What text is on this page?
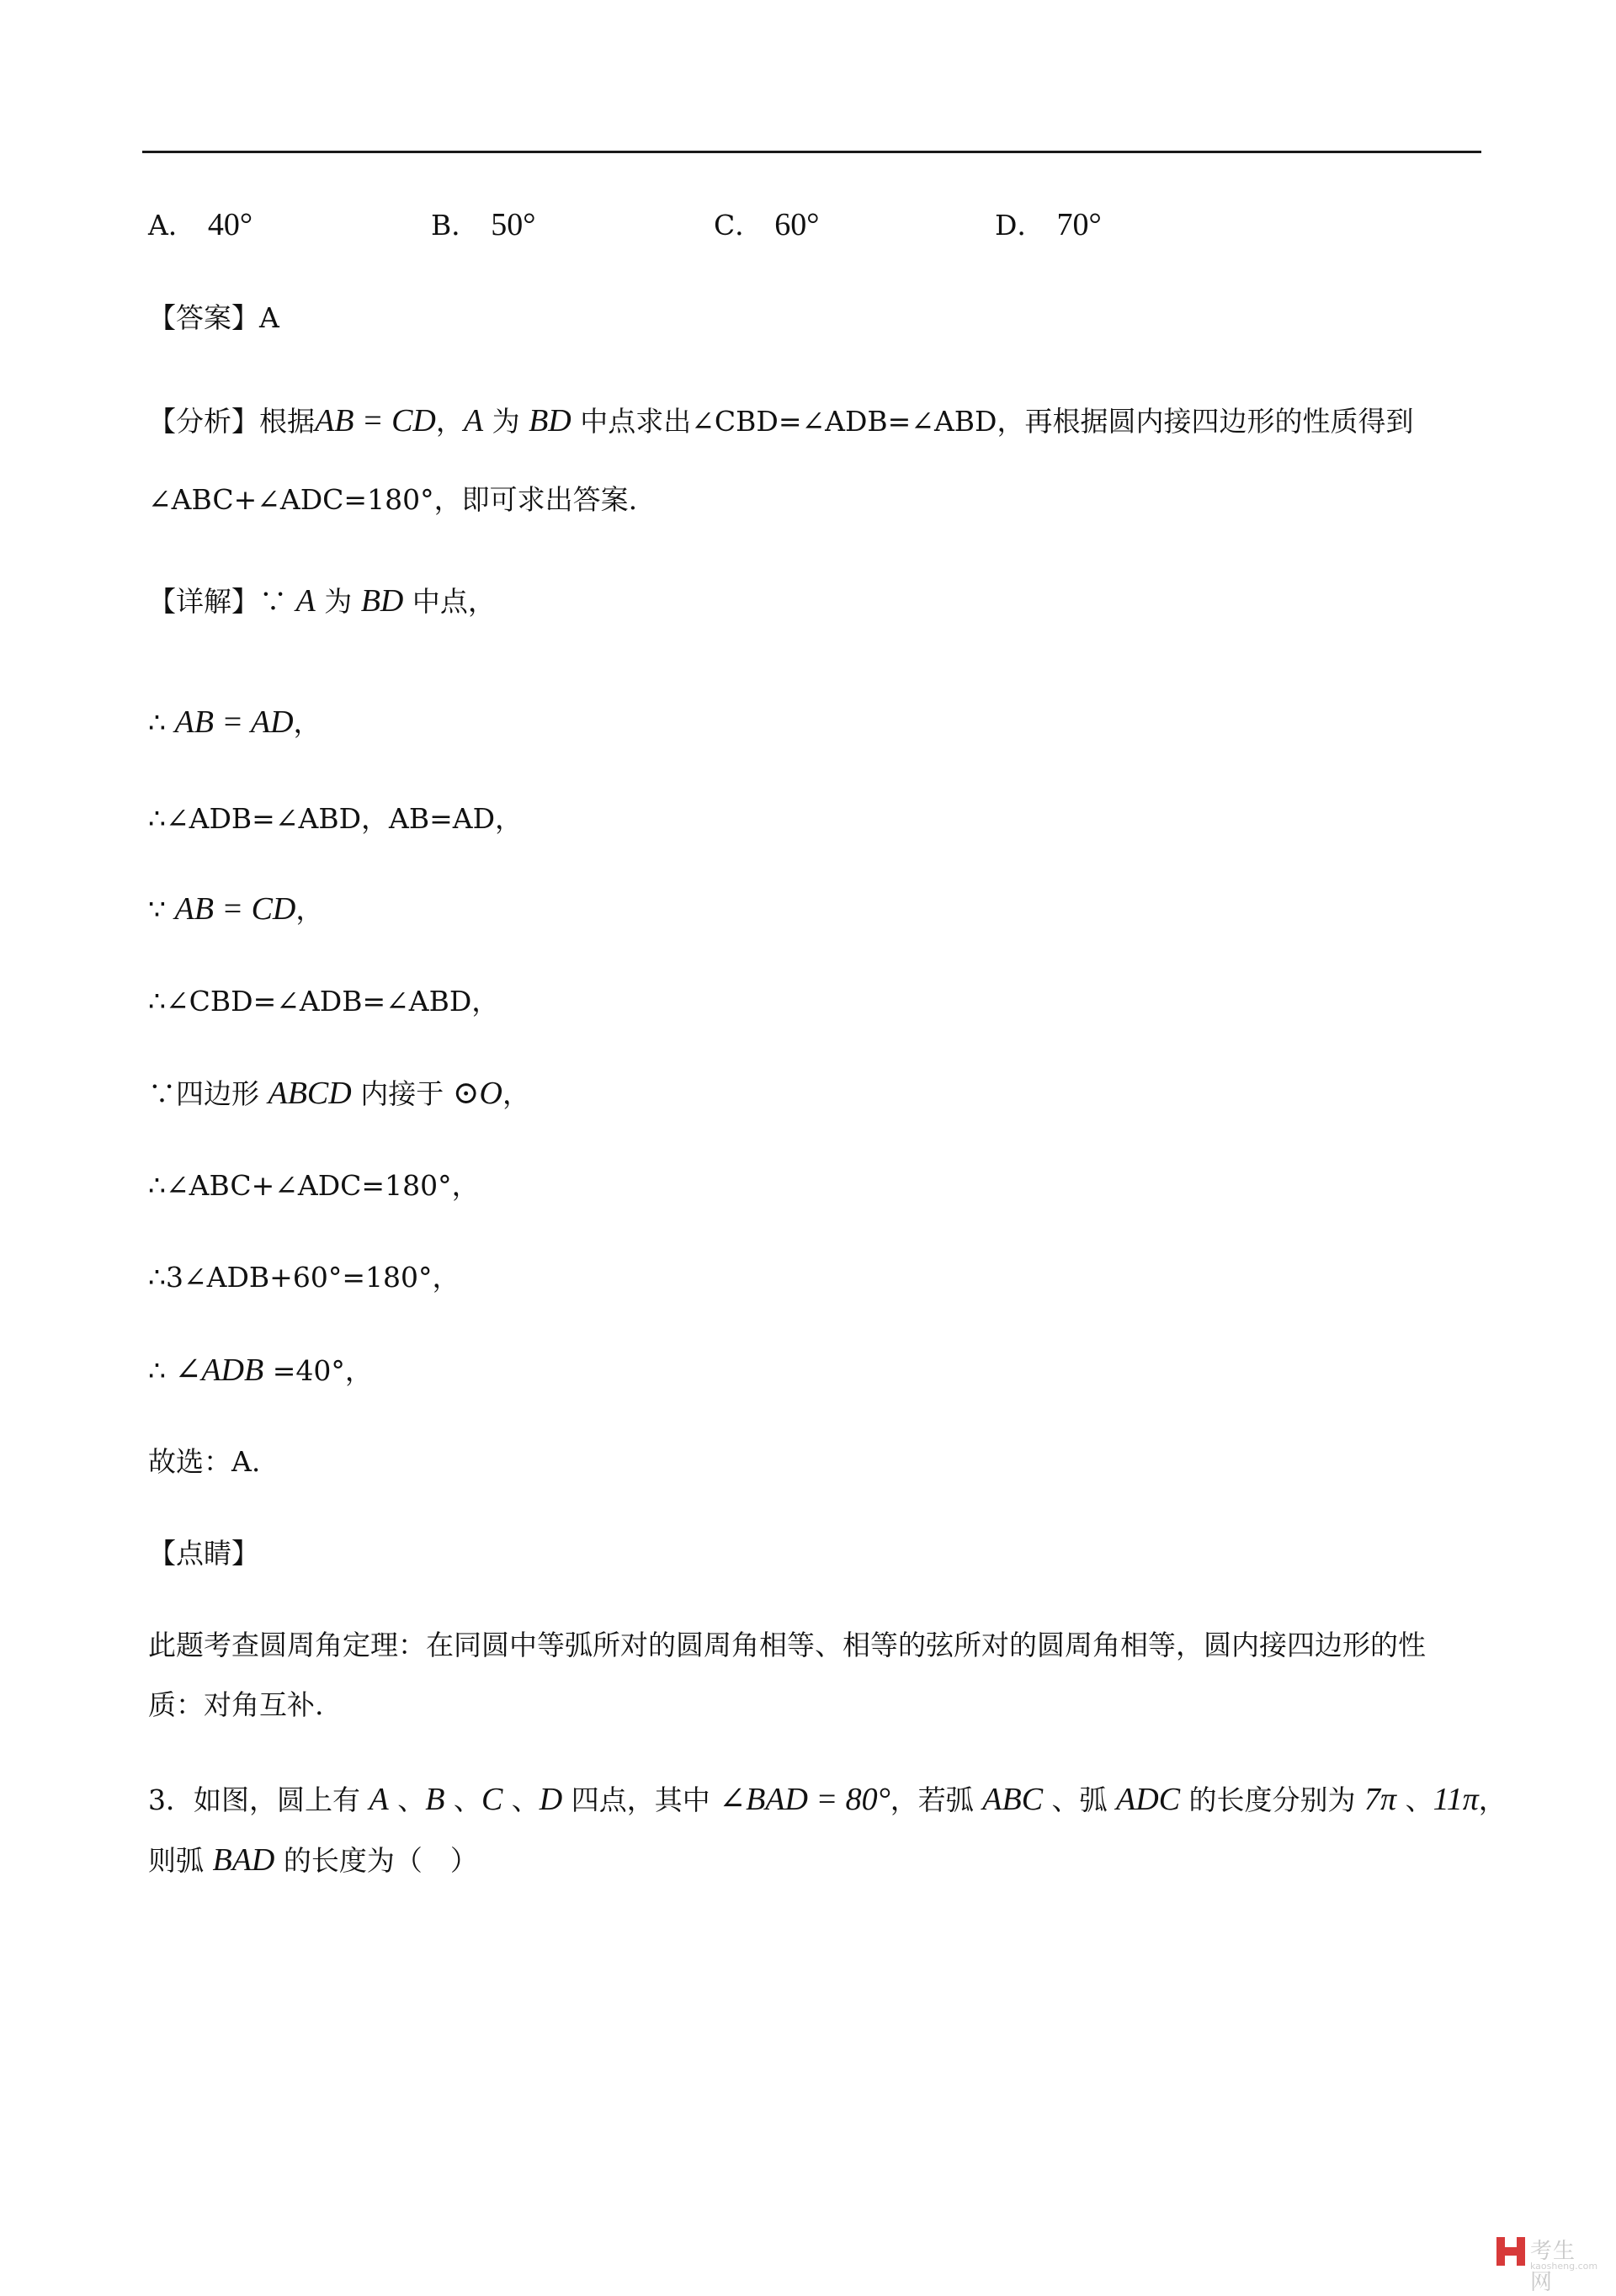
A． 40°	B． 50°	C． 60°	D． 70°
【答案】A
【分析】根据AB = CD，A 为 BD 中点求出∠CBD=∠ADB=∠ABD，再根据圆内接四边形的性质得到
∠ABC+∠ADC=180°，即可求出答案.
【详解】∵ A 为 BD 中点，
∴ AB = AD，
∴∠ADB=∠ABD，AB=AD，
∵ AB = CD，
∴∠CBD=∠ADB=∠ABD，
∵四边形 ABCD 内接于 ⊙O，
∴∠ABC+∠ADC=180°，
∴3∠ADB+60°=180°，
∴ ∠ADB =40°，
故选：A.
【点睛】
此题考查圆周角定理：在同圆中等弧所对的圆周角相等、相等的弦所对的圆周角相等，圆内接四边形的性
质：对角互补.
3．如图，圆上有 A 、B 、C 、D 四点，其中 ∠BAD = 80°，若弧 ABC 、弧 ADC 的长度分别为 7π 、11π，
则弧 BAD 的长度为（　）
考生网
kaosheng.com
